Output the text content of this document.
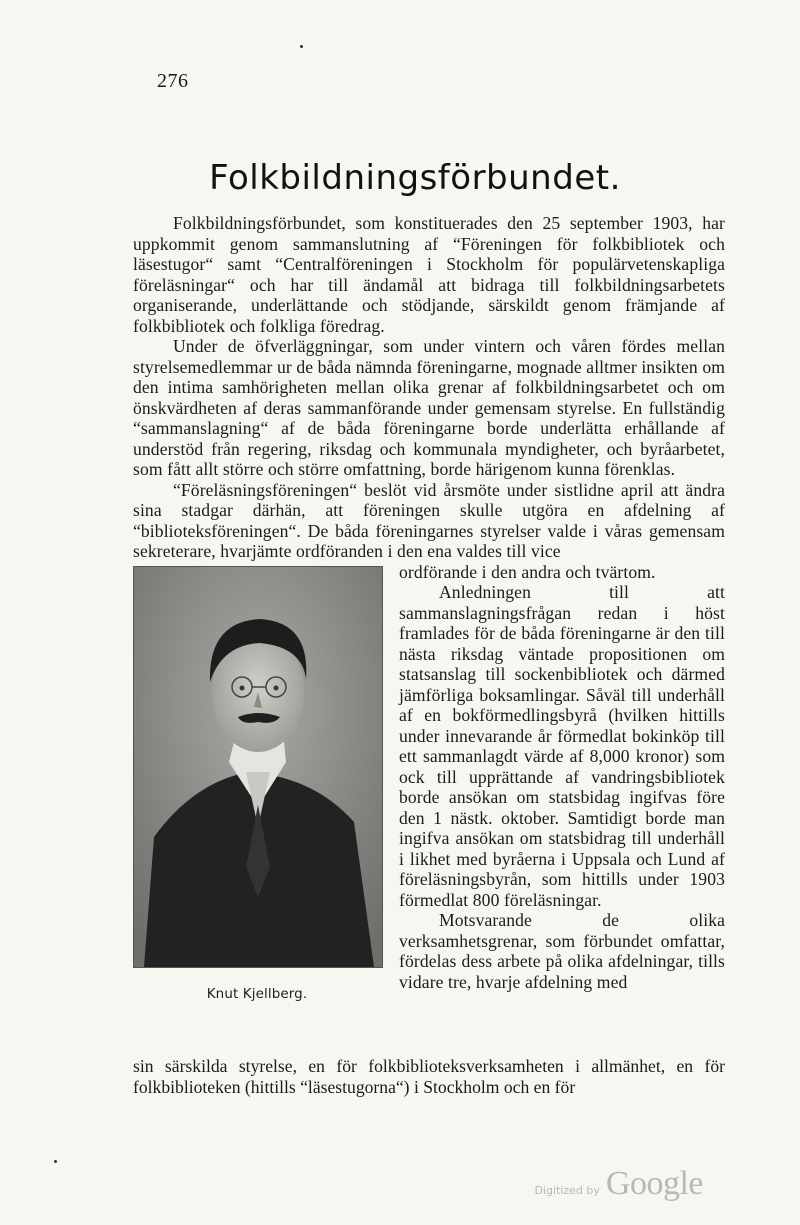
276
Folkbildningsförbundet.

Folkbildningsförbundet, som konstituerades den 25 september 1903, har uppkommit genom sammanslutning af “Föreningen för folkbibliotek och läsestugor“ samt “Centralföreningen i Stockholm för populärvetenskapliga föreläsningar“ och har till ändamål att bidraga till folkbildningsarbetets organiserande, underlättande och stödjande, särskildt genom främjande af folkbibliotek och folkliga föredrag.

Under de öfverläggningar, som under vintern och våren fördes mellan styrelsemedlemmar ur de båda nämnda föreningarne, mognade alltmer insikten om den intima samhörigheten mellan olika grenar af folkbildningsarbetet och om önskvärdheten af deras sammanförande under gemensam styrelse. En fullständig “sammanslagning“ af de båda föreningarne borde underlätta erhållande af understöd från regering, riksdag och kommunala myndigheter, och byråarbetet, som fått allt större och större omfattning, borde härigenom kunna förenklas.

“Föreläsningsföreningen“ beslöt vid årsmöte under sistlidne april att ändra sina stadgar därhän, att föreningen skulle utgöra en afdelning af “biblioteksföreningen“. De båda föreningarnes styrelser valde i våras gemensam sekreterare, hvarjämte ordföranden i den ena valdes till vice

Knut Kjellberg.

ordförande i den andra och tvärtom.

Anledningen till att sammanslagningsfrågan redan i höst framlades för de båda föreningarne är den till nästa riksdag väntade propositionen om statsanslag till sockenbibliotek och därmed jämförliga boksamlingar. Såväl till underhåll af en bokförmedlingsbyrå (hvilken hittills under innevarande år förmedlat bokinköp till ett sammanlagdt värde af 8,000 kronor) som ock till upprättande af vandringsbibliotek borde ansökan om statsbidag ingifvas före den 1 nästk. oktober. Samtidigt borde man ingifva ansökan om statsbidrag till underhåll i likhet med byråerna i Uppsala och Lund af föreläsningsbyrån, som hittills under 1903 förmedlat 800 föreläsningar.

Motsvarande de olika verksamhetsgrenar, som förbundet omfattar, fördelas dess arbete på olika afdelningar, tills vidare tre, hvarje afdelning med

sin särskilda styrelse, en för folkbiblioteksverksamheten i allmänhet, en för folkbiblioteken (hittills “läsestugorna“) i Stockholm och en för
Digitized by Google
